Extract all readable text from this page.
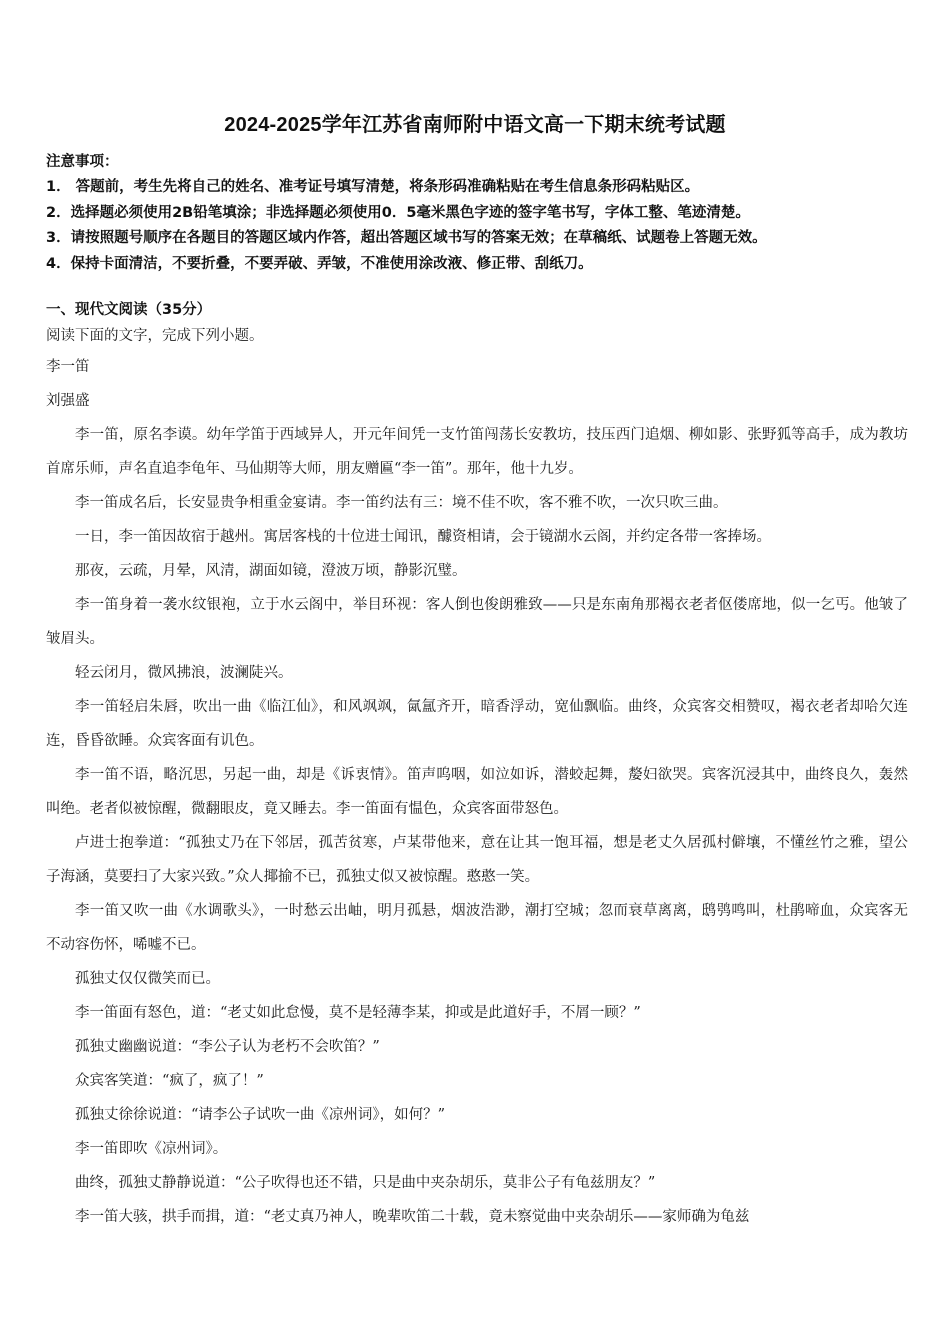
2024-2025学年江苏省南师附中语文高一下期末统考试题
注意事项：
1． 答题前，考生先将自己的姓名、准考证号填写清楚，将条形码准确粘贴在考生信息条形码粘贴区。
2．选择题必须使用2B铅笔填涂；非选择题必须使用0．5毫米黑色字迹的签字笔书写，字体工整、笔迹清楚。
3．请按照题号顺序在各题目的答题区域内作答，超出答题区域书写的答案无效；在草稿纸、试题卷上答题无效。
4．保持卡面清洁，不要折叠，不要弄破、弄皱，不准使用涂改液、修正带、刮纸刀。
一、现代文阅读（35分）
阅读下面的文字，完成下列小题。
李一笛
刘强盛
李一笛，原名李谟。幼年学笛于西域异人，开元年间凭一支竹笛闯荡长安教坊，技压西门追烟、柳如影、张野狐等高手，成为教坊首席乐师，声名直追李龟年、马仙期等大师，朋友赠匾“李一笛”。那年，他十九岁。
李一笛成名后，长安显贵争相重金宴请。李一笛约法有三：境不佳不吹，客不雅不吹，一次只吹三曲。
一日，李一笛因故宿于越州。寓居客栈的十位进士闻讯，醵资相请，会于镜湖水云阁，并约定各带一客捧场。
那夜，云疏，月晕，风清，湖面如镜，澄波万顷，静影沉璧。
李一笛身着一袭水纹银袍，立于水云阁中，举目环视：客人倒也俊朗雅致——只是东南角那褐衣老者伛偻席地，似一乞丐。他皱了皱眉头。
轻云闭月，微风拂浪，波澜陡兴。
李一笛轻启朱唇，吹出一曲《临江仙》，和风飒飒，氤氲齐开，暗香浮动，宽仙飘临。曲终，众宾客交相赞叹，褐衣老者却哈欠连连，昏昏欲睡。众宾客面有讥色。
李一笛不语，略沉思，另起一曲，却是《诉衷情》。笛声呜咽，如泣如诉，潜蛟起舞，嫠妇欲哭。宾客沉浸其中，曲终良久，轰然叫绝。老者似被惊醒，微翻眼皮，竟又睡去。李一笛面有愠色，众宾客面带怒色。
卢进士抱拳道：“孤独丈乃在下邻居，孤苦贫寒，卢某带他来，意在让其一饱耳福，想是老丈久居孤村僻壤，不懂丝竹之雅，望公子海涵，莫要扫了大家兴致。”众人揶揄不已，孤独丈似又被惊醒。憨憨一笑。
李一笛又吹一曲《水调歌头》，一时愁云出岫，明月孤悬，烟波浩渺，潮打空城；忽而衰草离离，鸱鸮鸣叫，杜鹃啼血，众宾客无不动容伤怀，唏嘘不已。
孤独丈仅仅微笑而已。
李一笛面有怒色，道：“老丈如此怠慢，莫不是轻薄李某，抑或是此道好手，不屑一顾？”
孤独丈幽幽说道：“李公子认为老朽不会吹笛？”
众宾客笑道：“疯了，疯了！”
孤独丈徐徐说道：“请李公子试吹一曲《凉州词》，如何？”
李一笛即吹《凉州词》。
曲终，孤独丈静静说道：“公子吹得也还不错，只是曲中夹杂胡乐，莫非公子有龟兹朋友？”
李一笛大骇，拱手而揖，道：“老丈真乃神人，晚辈吹笛二十载，竟未察觉曲中夹杂胡乐——家师确为龟兹
